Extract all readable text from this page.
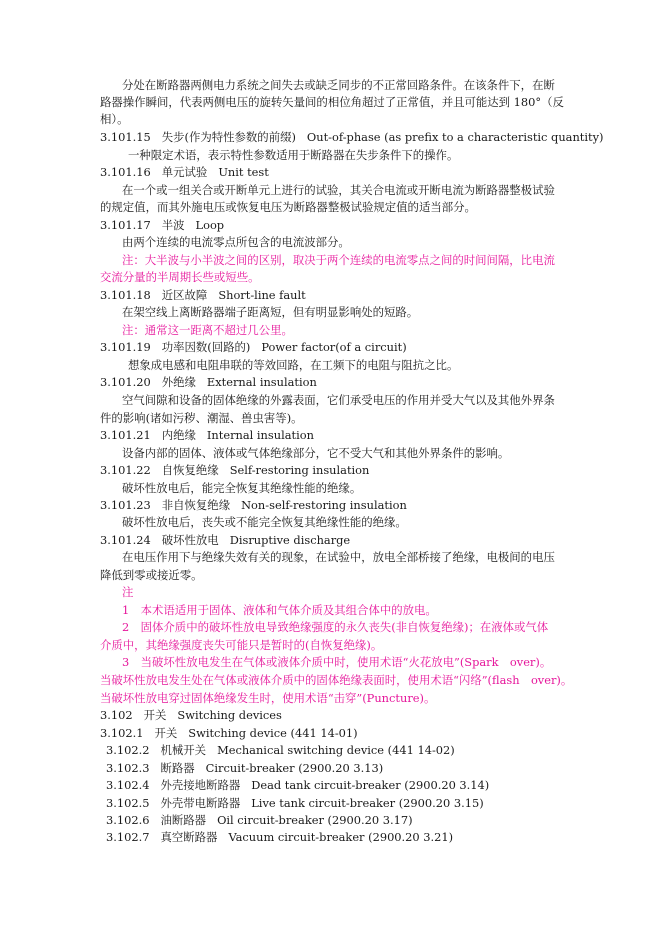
分处在断路器两侧电力系统之间失去或缺乏同步的不正常回路条件。在该条件下，在断
路器操作瞬间，代表两侧电压的旋转矢量间的相位角超过了正常值，并且可能达到 180°（反
相）。
3.101.15 失步(作为特性参数的前缀) Out-of-phase (as prefix to a characteristic quantity)
一种限定术语，表示特性参数适用于断路器在失步条件下的操作。
3.101.16 单元试验 Unit test
在一个或一组关合或开断单元上进行的试验，其关合电流或开断电流为断路器整极试验
的规定值，而其外施电压或恢复电压为断路器整极试验规定值的适当部分。
3.101.17 半波 Loop
由两个连续的电流零点所包含的电流波部分。
注：大半波与小半波之间的区别，取决于两个连续的电流零点之间的时间间隔，比电流
交流分量的半周期长些或短些。
3.101.18 近区故障 Short-line fault
在架空线上离断路器端子距离短，但有明显影响处的短路。
注：通常这一距离不超过几公里。
3.101.19 功率因数(回路的) Power factor(of a circuit)
想象成电感和电阻串联的等效回路，在工频下的电阻与阻抗之比。
3.101.20 外绝缘 External insulation
空气间隙和设备的固体绝缘的外露表面，它们承受电压的作用并受大气以及其他外界条
件的影响(诸如污秽、潮湿、兽虫害等)。
3.101.21 内绝缘 Internal insulation
设备内部的固体、液体或气体绝缘部分，它不受大气和其他外界条件的影响。
3.101.22 自恢复绝缘 Self-restoring insulation
破坏性放电后，能完全恢复其绝缘性能的绝缘。
3.101.23 非自恢复绝缘 Non-self-restoring insulation
破坏性放电后，丧失或不能完全恢复其绝缘性能的绝缘。
3.101.24 破坏性放电 Disruptive discharge
在电压作用下与绝缘失效有关的现象，在试验中，放电全部桥接了绝缘，电极间的电压
降低到零或接近零。
注
1　本术语适用于固体、液体和气体介质及其组合体中的放电。
2　固体介质中的破坏性放电导致绝缘强度的永久丧失(非自恢复绝缘)；在液体或气体
介质中，其绝缘强度丧失可能只是暂时的(自恢复绝缘)。
3　当破坏性放电发生在气体或液体介质中时，使用术语“火花放电”(Spark　over)。
当破坏性放电发生处在气体或液体介质中的固体绝缘表面时，使用术语“闪络”(flash　over)。
当破坏性放电穿过固体绝缘发生时，使用术语“击穿”(Puncture)。
3.102 开关 Switching devices
3.102.1 开关 Switching device (441 14-01)
3.102.2 机械开关 Mechanical switching device (441 14-02)
3.102.3 断路器 Circuit-breaker (2900.20 3.13)
3.102.4 外壳接地断路器 Dead tank circuit-breaker (2900.20 3.14)
3.102.5 外壳带电断路器 Live tank circuit-breaker (2900.20 3.15)
3.102.6 油断路器 Oil circuit-breaker (2900.20 3.17)
3.102.7 真空断路器 Vacuum circuit-breaker (2900.20 3.21)
